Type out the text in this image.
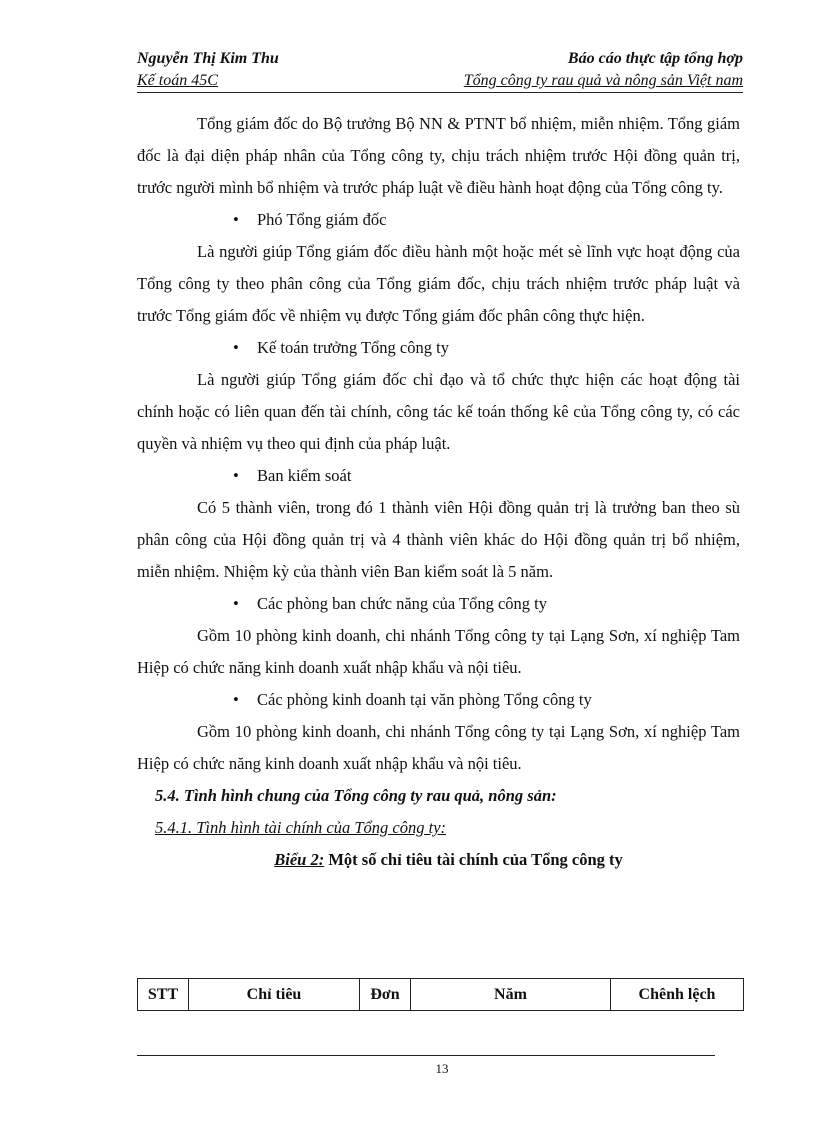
Nguyễn Thị Kim Thu	Báo cáo thực tập tổng hợp
Kế toán 45C	Tổng công ty rau quả và nông sản Việt nam

Tổng giám đốc do Bộ trưởng Bộ NN & PTNT bổ nhiệm, miễn nhiệm. Tổng giám đốc là đại diện pháp nhân của Tổng công ty, chịu trách nhiệm trước Hội đồng quản trị, trước người mình bổ nhiệm và trước pháp luật về điều hành hoạt động của Tổng công ty.

• Phó Tổng giám đốc

Là người giúp Tổng giám đốc điều hành một hoặc mét sè lĩnh vực hoạt động của Tổng công ty theo phân công của Tổng giám đốc, chịu trách nhiệm trước pháp luật và trước Tổng giám đốc về nhiệm vụ được Tổng giám đốc phân công thực hiện.

• Kế toán trưởng Tổng công ty

Là người giúp Tổng giám đốc chỉ đạo và tổ chức thực hiện các hoạt động tài chính hoặc có liên quan đến tài chính, công tác kế toán thống kê của Tổng công ty, có các quyền và nhiệm vụ theo qui định của pháp luật.

• Ban kiểm soát

Có 5 thành viên, trong đó 1 thành viên Hội đồng quản trị là trưởng ban theo sù phân công của Hội đồng quản trị và 4 thành viên khác do Hội đồng quản trị bổ nhiệm, miễn nhiệm. Nhiệm kỳ của thành viên Ban kiểm soát là 5 năm.

• Các phòng ban chức năng của Tổng công ty

Gồm 10 phòng kinh doanh, chi nhánh Tổng công ty tại Lạng Sơn, xí nghiệp Tam Hiệp có chức năng kinh doanh xuất nhập khẩu và nội tiêu.

• Các phòng kinh doanh tại văn phòng Tổng công ty

Gồm 10 phòng kinh doanh, chi nhánh Tổng công ty tại Lạng Sơn, xí nghiệp Tam Hiệp có chức năng kinh doanh xuất nhập khẩu và nội tiêu.

5.4. Tình hình chung của Tổng công ty rau quả, nông sản:

5.4.1. Tình hình tài chính của Tổng công ty:

Biểu 2: Một số chỉ tiêu tài chính của Tổng công ty

STT	Chỉ tiêu	Đơn	Năm	Chênh lệch
13
